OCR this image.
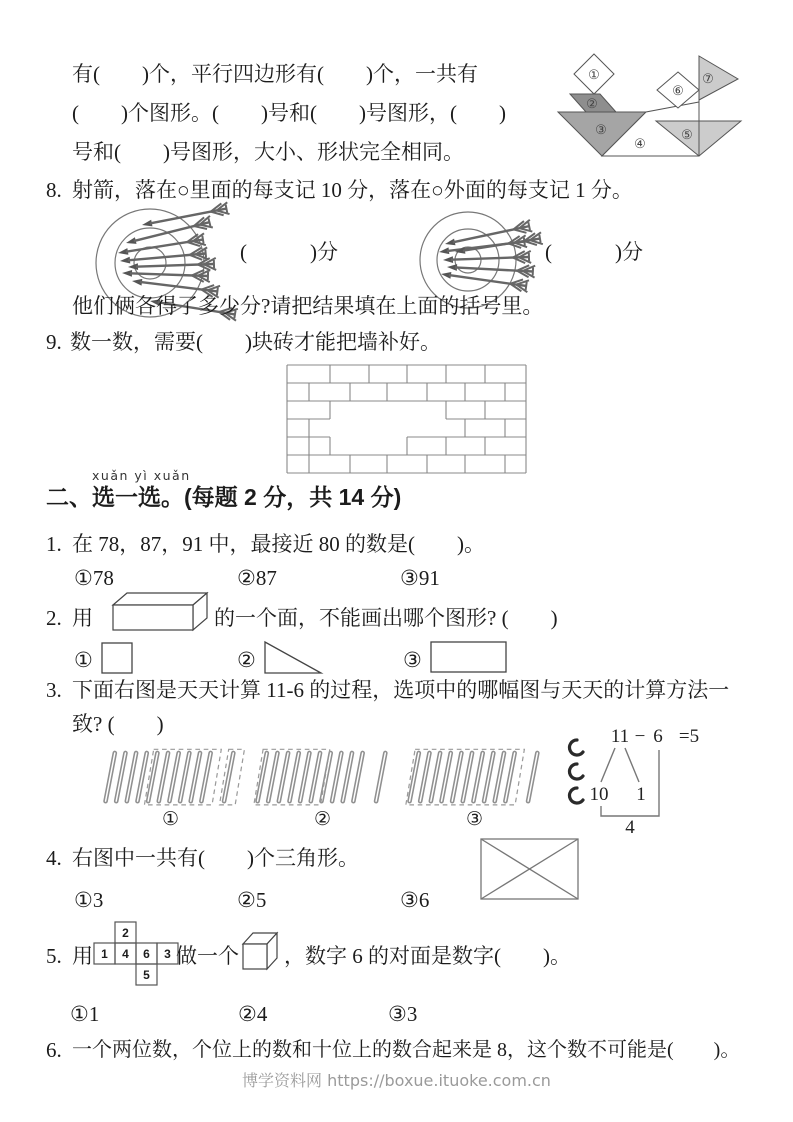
有(　　)个，平行四边形有(　　)个，一共有
(　　)个图形。(　　)号和(　　)号图形，(　　)
号和(　　)号图形，大小、形状完全相同。
①
②
③
④
⑤
⑥
⑦
8. 射箭，落在○里面的每支记 10 分，落在○外面的每支记 1 分。
(　　　)分	(　　　)分
他们俩各得了多少分?请把结果填在上面的括号里。
9. 数一数，需要(　　)块砖才能把墙补好。
xuǎn yì xuǎn
二、选一选。(每题 2 分，共 14 分)
1. 在 78，87，91 中，最接近 80 的数是(　　)。
①78	②87	③91
2. 用	的一个面，不能画出哪个图形? (　　)
①	②	③
3. 下面右图是天天计算 11-6 的过程，选项中的哪幅图与天天的计算方法一
致? (　　)
①	②	③
11 − 6 =5
10 1
4
4. 右图中一共有(　　)个三角形。
①3	②5	③6
5. 用
2
1 4 6 3
5
做一个 ，数字 6 的对面是数字(　　)。
①1	②4	③3
6. 一个两位数，个位上的数和十位上的数合起来是 8，这个数不可能是(　　)。
博学资料网 https://boxue.ituoke.com.cn
